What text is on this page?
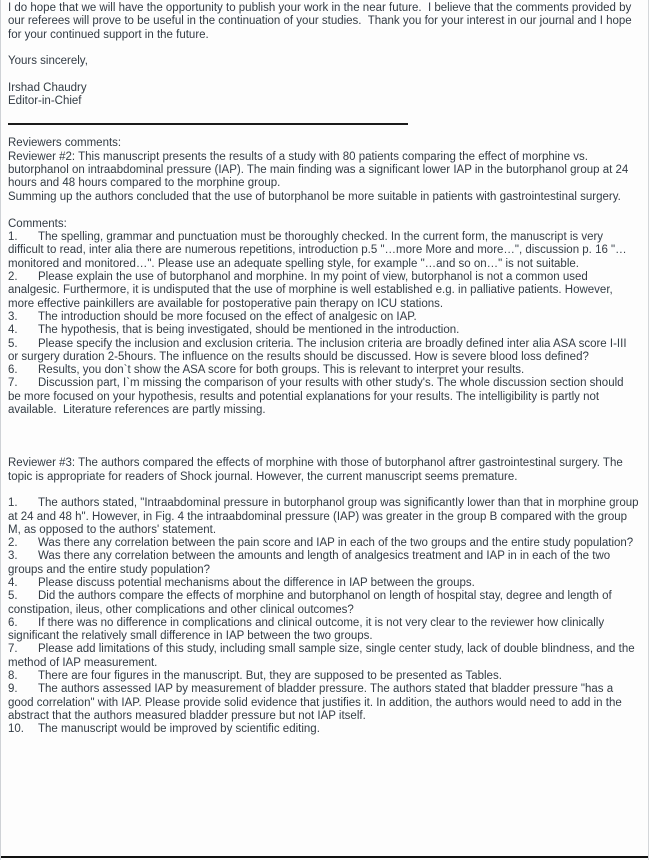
I do hope that we will have the opportunity to publish your work in the near future.  I believe that the comments provided by our referees will prove to be useful in the continuation of your studies.  Thank you for your interest in our journal and I hope for your continued support in the future.

Yours sincerely,

Irshad Chaudry
Editor-in-Chief

Reviewers comments:

Reviewer #2: This manuscript presents the results of a study with 80 patients comparing the effect of morphine vs. butorphanol on intraabdominal pressure (IAP). The main finding was a significant lower IAP in the butorphanol group at 24 hours and 48 hours compared to the morphine group.

Summing up the authors concluded that the use of butorphanol be more suitable in patients with gastrointestinal surgery.

Comments:

1. The spelling, grammar and punctuation must be thoroughly checked. In the current form, the manuscript is very difficult to read, inter alia there are numerous repetitions, introduction p.5 "…more More and more…", discussion p. 16 "… monitored and monitored…". Please use an adequate spelling style, for example "…and so on…" is not suitable.

2. Please explain the use of butorphanol and morphine. In my point of view, butorphanol is not a common used analgesic. Furthermore, it is undisputed that the use of morphine is well established e.g. in palliative patients. However, more effective painkillers are available for postoperative pain therapy on ICU stations.

3. The introduction should be more focused on the effect of analgesic on IAP.

4. The hypothesis, that is being investigated, should be mentioned in the introduction.

5. Please specify the inclusion and exclusion criteria. The inclusion criteria are broadly defined inter alia ASA score I-III or surgery duration 2-5hours. The influence on the results should be discussed. How is severe blood loss defined?

6. Results, you don`t show the ASA score for both groups. This is relevant to interpret your results.

7. Discussion part, I`m missing the comparison of your results with other study's. The whole discussion section should be more focused on your hypothesis, results and potential explanations for your results. The intelligibility is partly not available.  Literature references are partly missing.

Reviewer #3: The authors compared the effects of morphine with those of butorphanol aftrer gastrointestinal surgery. The topic is appropriate for readers of Shock journal. However, the current manuscript seems premature.

1. The authors stated, "Intraabdominal pressure in butorphanol group was significantIy lower than that in morphine group at 24 and 48 h". However, in Fig. 4 the intraabdominal pressure (IAP) was greater in the group B compared with the group M, as opposed to the authors' statement.

2. Was there any correlation between the pain score and IAP in each of the two groups and the entire study population?

3. Was there any correlation between the amounts and length of analgesics treatment and IAP in in each of the two groups and the entire study population?

4. Please discuss potential mechanisms about the difference in IAP between the groups.

5. Did the authors compare the effects of morphine and butorphanol on length of hospital stay, degree and length of constipation, ileus, other complications and other clinical outcomes?

6. If there was no difference in complications and clinical outcome, it is not very clear to the reviewer how clinically significant the relatively small difference in IAP between the two groups.

7. Please add limitations of this study, including small sample size, single center study, lack of double blindness, and the method of IAP measurement.

8. There are four figures in the manuscript. But, they are supposed to be presented as Tables.

9. The authors assessed IAP by measurement of bladder pressure. The authors stated that bladder pressure "has a good correlation" with IAP. Please provide solid evidence that justifies it. In addition, the authors would need to add in the abstract that the authors measured bladder pressure but not IAP itself.

10. The manuscript would be improved by scientific editing.
